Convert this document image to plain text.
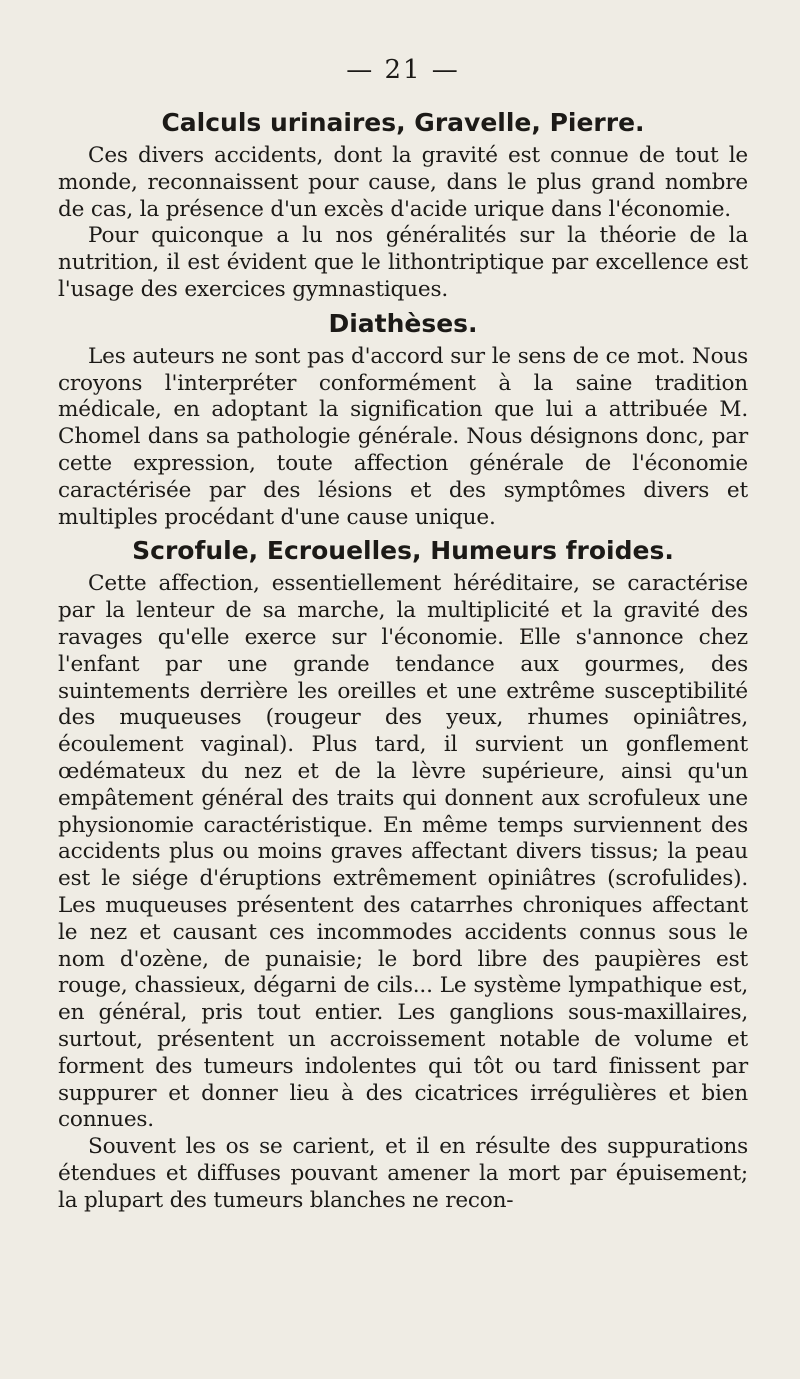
— 21 —
Calculs urinaires, Gravelle, Pierre.

Ces divers accidents, dont la gravité est connue de tout le monde, reconnaissent pour cause, dans le plus grand nombre de cas, la présence d'un excès d'acide urique dans l'économie.

Pour quiconque a lu nos généralités sur la théorie de la nutrition, il est évident que le lithontriptique par excellence est l'usage des exercices gymnastiques.

Diathèses.

Les auteurs ne sont pas d'accord sur le sens de ce mot. Nous croyons l'interpréter conformément à la saine tradition médicale, en adoptant la signification que lui a attribuée M. Chomel dans sa pathologie générale. Nous désignons donc, par cette expression, toute affection générale de l'économie caractérisée par des lésions et des symptômes divers et multiples procédant d'une cause unique.

Scrofule, Ecrouelles, Humeurs froides.

Cette affection, essentiellement héréditaire, se caractérise par la lenteur de sa marche, la multiplicité et la gravité des ravages qu'elle exerce sur l'économie. Elle s'annonce chez l'enfant par une grande tendance aux gourmes, des suintements derrière les oreilles et une extrême susceptibilité des muqueuses (rougeur des yeux, rhumes opiniâtres, écoulement vaginal). Plus tard, il survient un gonflement œdémateux du nez et de la lèvre supérieure, ainsi qu'un empâtement général des traits qui donnent aux scrofuleux une physionomie caractéristique. En même temps surviennent des accidents plus ou moins graves affectant divers tissus; la peau est le siége d'éruptions extrêmement opiniâtres (scrofulides). Les muqueuses présentent des catarrhes chroniques affectant le nez et causant ces incommodes accidents connus sous le nom d'ozène, de punaisie; le bord libre des paupières est rouge, chassieux, dégarni de cils... Le système lympathique est, en général, pris tout entier. Les ganglions sous-maxillaires, surtout, présentent un accroissement notable de volume et forment des tumeurs indolentes qui tôt ou tard finissent par suppurer et donner lieu à des cicatrices irrégulières et bien connues.

Souvent les os se carient, et il en résulte des suppurations étendues et diffuses pouvant amener la mort par épuisement; la plupart des tumeurs blanches ne recon-
